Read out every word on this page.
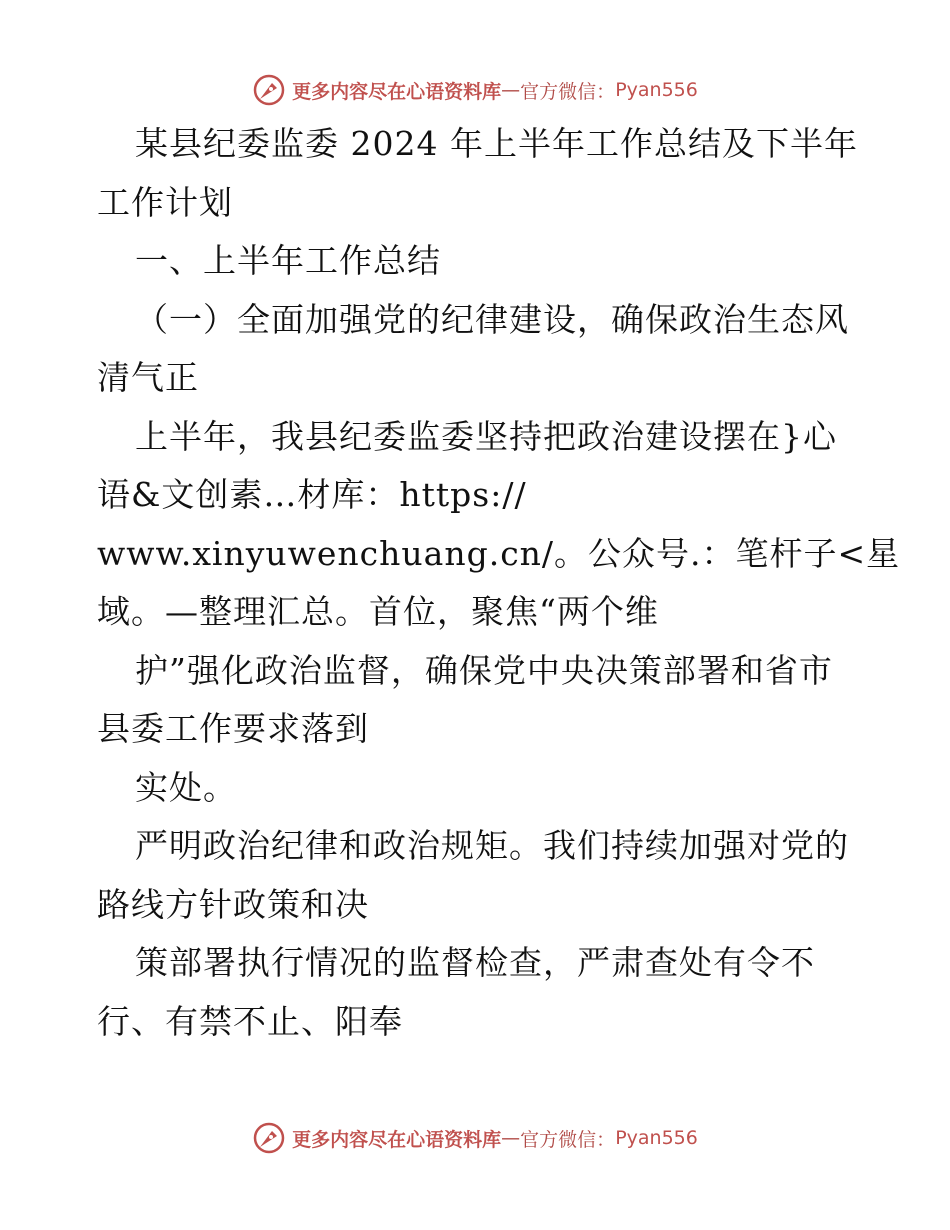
更多内容尽在心语资料库 — 官方微信： Pyan556
某县纪委监委 2024 年上半年工作总结及下半年
工作计划
一、上半年工作总结
（一）全面加强党的纪律建设，确保政治生态风
清气正
上半年，我县纪委监委坚持把政治建设摆在}心
语&文创素…材库：https://
www.xinyuwenchuang.cn/。公众号.：笔杆子<星
域。—整理汇总。首位，聚焦“两个维
护”强化政治监督，确保党中央决策部署和省市
县委工作要求落到
实处。
严明政治纪律和政治规矩。我们持续加强对党的
路线方针政策和决
策部署执行情况的监督检查，严肃查处有令不
行、有禁不止、阳奉
更多内容尽在心语资料库 — 官方微信： Pyan556
